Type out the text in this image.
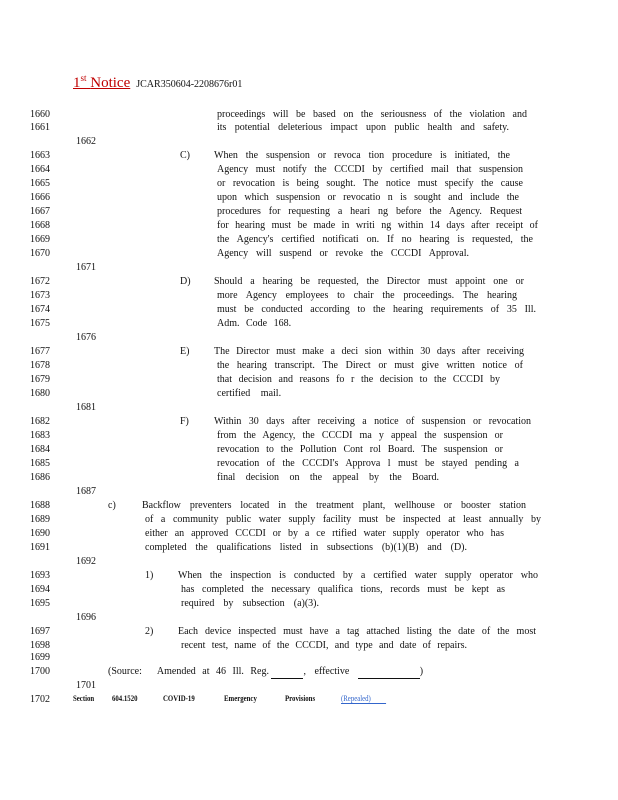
1st Notice JCAR350604-2208676r01
1660	proceedings will be based on the seriousness of the violation and
1661	its potential deleterious impact upon public health and safety.
1662
C)
1663	When the suspension or revoca tion procedure is initiated, the
1664	Agency must notify the CCCDI by certified mail that suspension
1665	or revocation is being sought. The notice must specify the cause
1666	upon which suspension or revocatio n is sought and include the
1667	procedures for requesting a heari ng before the Agency. Request
1668	for hearing must be made in writi ng within 14 days after receipt of
1669	the Agency's certified notificati on. If no hearing is requested, the
1670	Agency will suspend or revoke the CCCDI Approval.
1671
D)
1672	Should a hearing be requested, the Director must appoint one or
1673	more Agency employees to chair the proceedings. The hearing
1674	must be conducted according to the hearing requirements of 35 Ill.
1675	Adm. Code 168.
1676
E)
1677	The Director must make a deci sion within 30 days after receiving
1678	the hearing transcript. The Direct or must give written notice of
1679	that decision and reasons fo r the decision to the CCCDI by
1680	certified mail.
1681
F)
1682	Within 30 days after receiving a notice of suspension or revocation
1683	from the Agency, the CCCDI ma y appeal the suspension or
1684	revocation to the Pollution Cont rol Board. The suspension or
1685	revocation of the CCCDI's Approva l must be stayed pending a
1686	final decision on the appeal by the Board.
1687
c)
1688	Backflow preventers located in the treatment plant, wellhouse or booster station
1689	of a community public water supply facility must be inspected at least annually by
1690	either an approved CCCDI or by a ce rtified water supply operator who has
1691	completed the qualifications listed in subsections (b)(1)(B) and (D).
1692
1)
1693	When the inspection is conducted by a certified water supply operator who
1694	has completed the necessary qualifica tions, records must be kept as
1695	required by subsection (a)(3).
1696
2)
1697	Each device inspected must have a tag attached listing the date of the most
1698	recent test, name of the CCCDI, and type and date of repairs.
1699
1700	(Source: Amended at 46 Ill. Reg.	, effective	)
1701
1702	Section 604.1520	COVID-19	Emergency	Provisions	(Repealed)
